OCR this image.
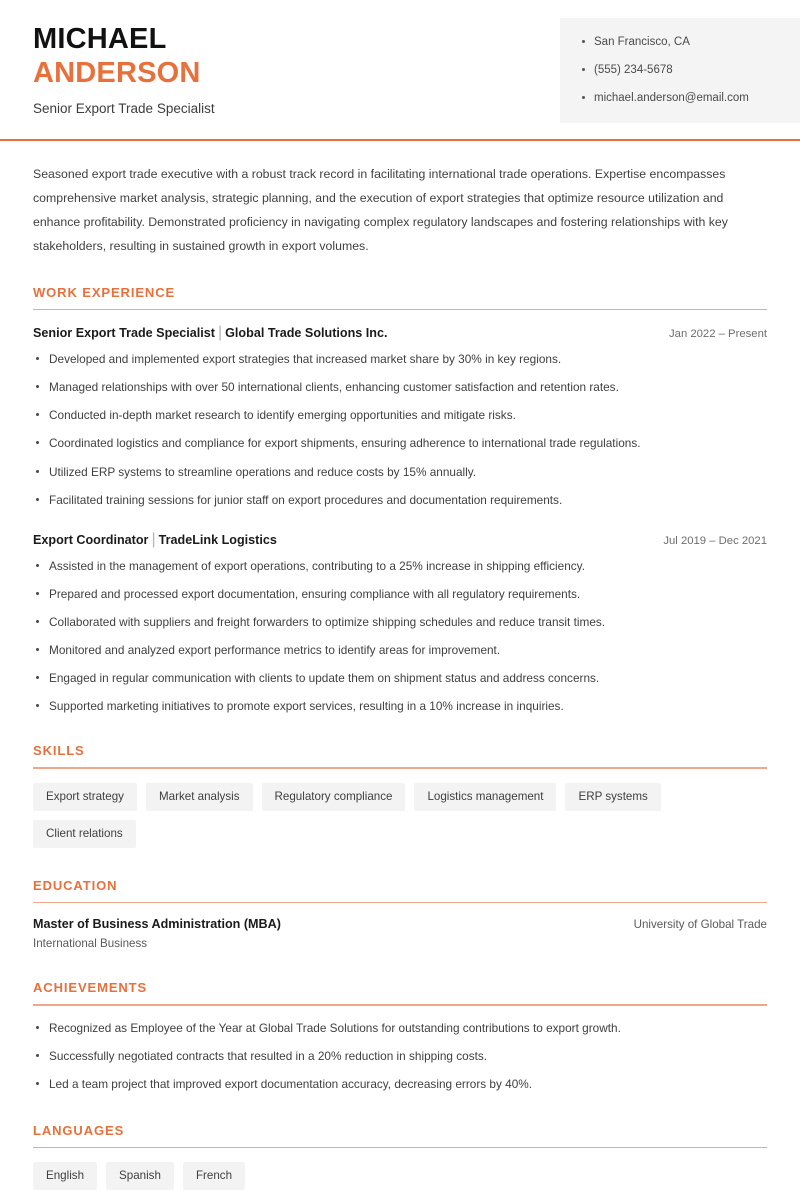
MICHAEL
ANDERSON
Senior Export Trade Specialist
San Francisco, CA
(555) 234-5678
michael.anderson@email.com

Seasoned export trade executive with a robust track record in facilitating international trade operations. Expertise encompasses comprehensive market analysis, strategic planning, and the execution of export strategies that optimize resource utilization and enhance profitability. Demonstrated proficiency in navigating complex regulatory landscapes and fostering relationships with key stakeholders, resulting in sustained growth in export volumes.

WORK EXPERIENCE
Senior Export Trade Specialist | Global Trade Solutions Inc.	Jan 2022 – Present
Developed and implemented export strategies that increased market share by 30% in key regions.
Managed relationships with over 50 international clients, enhancing customer satisfaction and retention rates.
Conducted in-depth market research to identify emerging opportunities and mitigate risks.
Coordinated logistics and compliance for export shipments, ensuring adherence to international trade regulations.
Utilized ERP systems to streamline operations and reduce costs by 15% annually.
Facilitated training sessions for junior staff on export procedures and documentation requirements.
Export Coordinator | TradeLink Logistics	Jul 2019 – Dec 2021
Assisted in the management of export operations, contributing to a 25% increase in shipping efficiency.
Prepared and processed export documentation, ensuring compliance with all regulatory requirements.
Collaborated with suppliers and freight forwarders to optimize shipping schedules and reduce transit times.
Monitored and analyzed export performance metrics to identify areas for improvement.
Engaged in regular communication with clients to update them on shipment status and address concerns.
Supported marketing initiatives to promote export services, resulting in a 10% increase in inquiries.
SKILLS
Export strategy	Market analysis	Regulatory compliance	Logistics management	ERP systems
Client relations
EDUCATION
Master of Business Administration (MBA)	University of Global Trade
International Business
ACHIEVEMENTS
Recognized as Employee of the Year at Global Trade Solutions for outstanding contributions to export growth.
Successfully negotiated contracts that resulted in a 20% reduction in shipping costs.
Led a team project that improved export documentation accuracy, decreasing errors by 40%.
LANGUAGES
English	Spanish	French
